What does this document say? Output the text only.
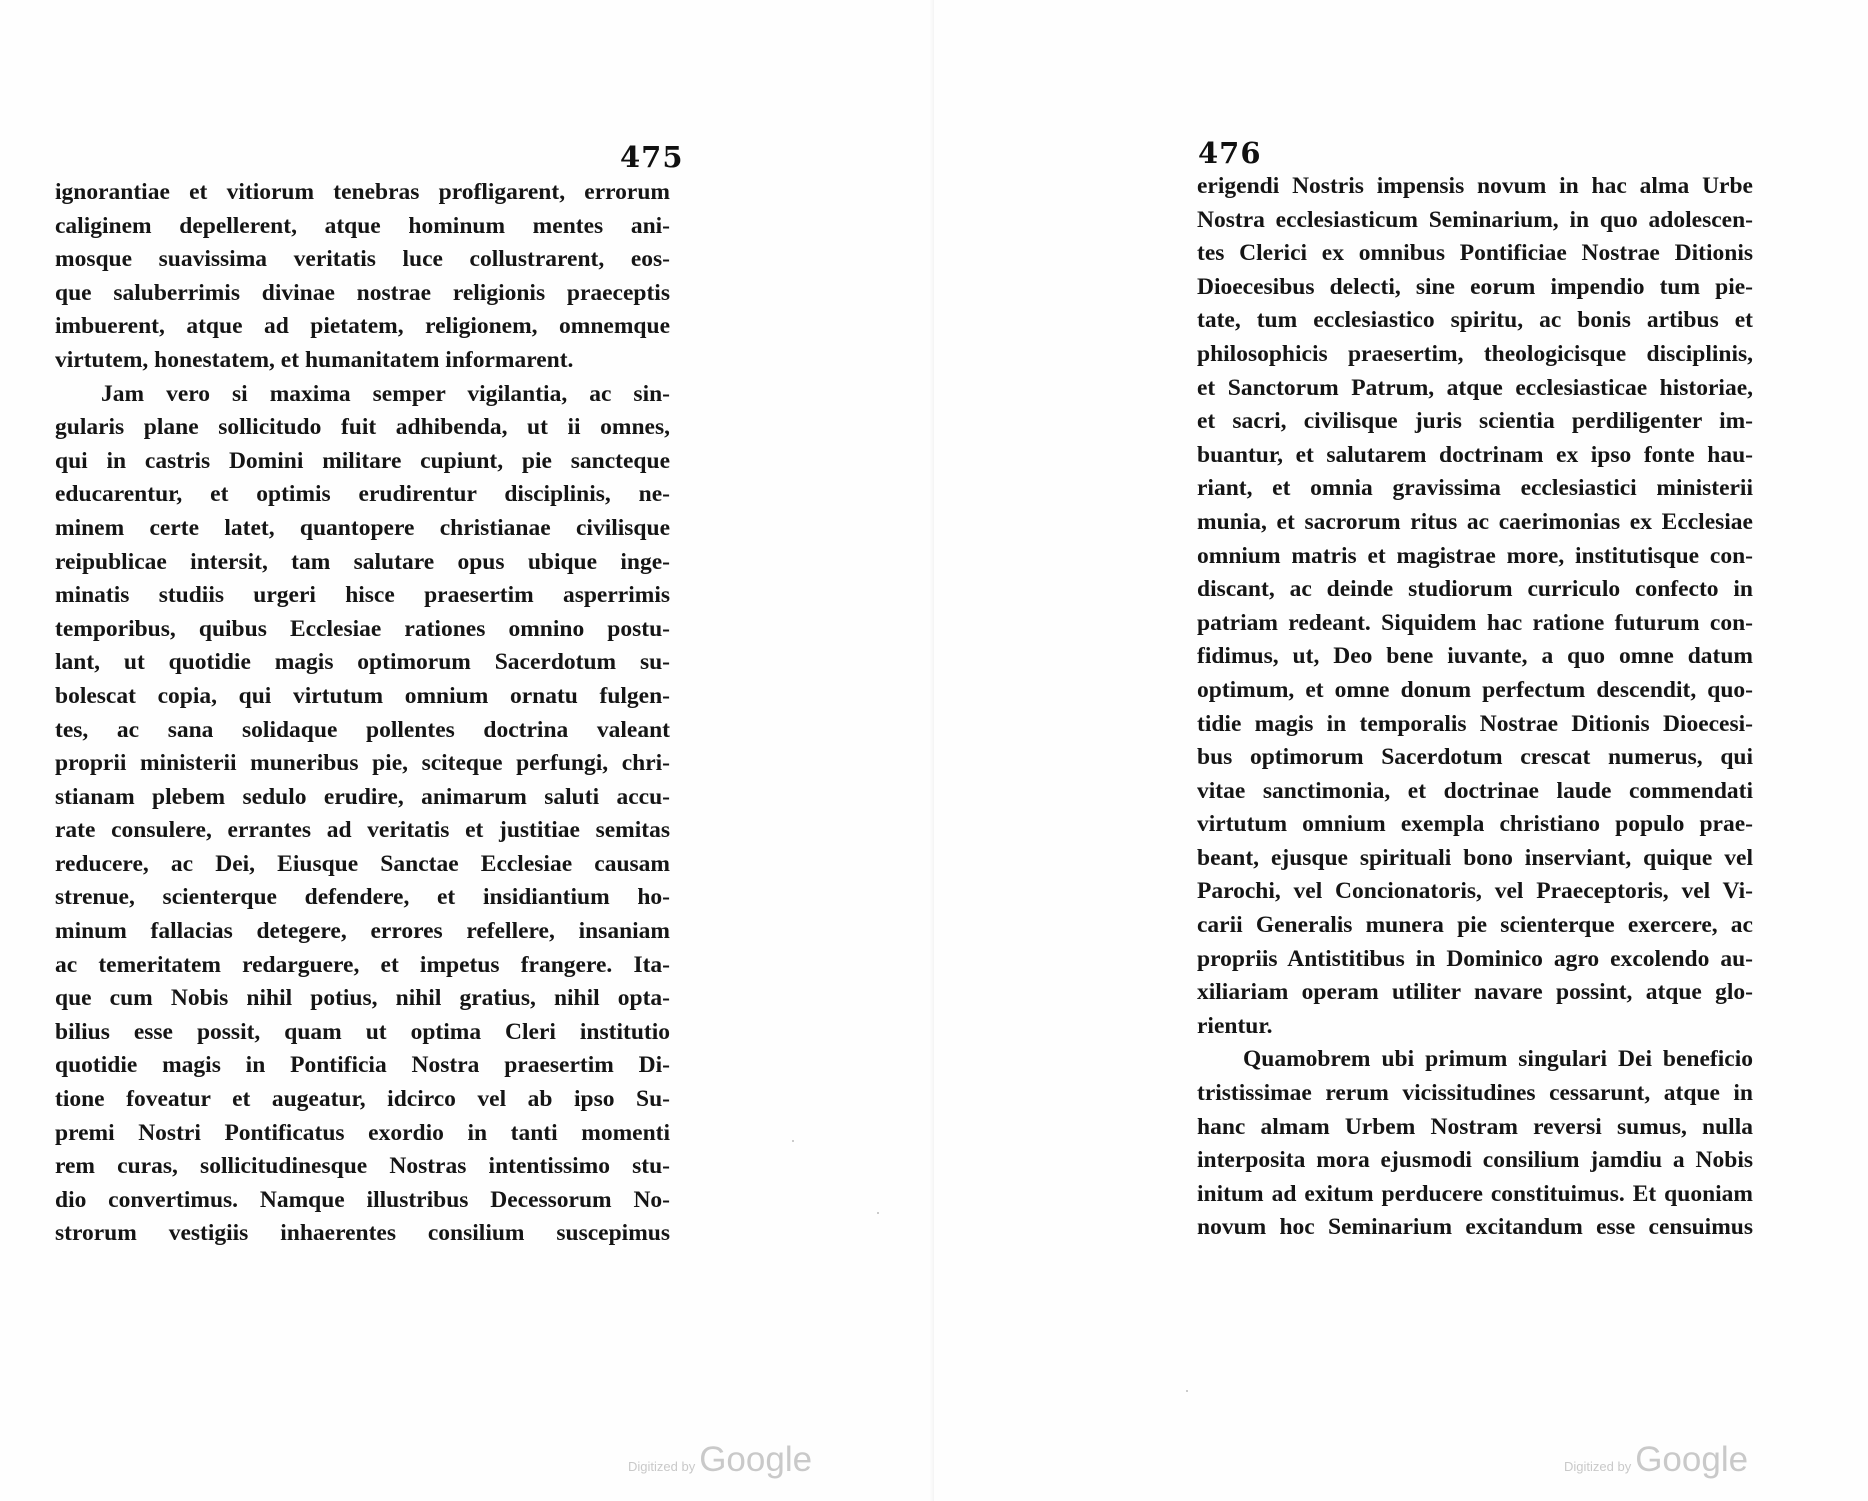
475
ignorantiae et vitiorum tenebras profligarent, errorum
caliginem depellerent, atque hominum mentes ani-
mosque suavissima veritatis luce collustrarent, eos-
que saluberrimis divinae nostrae religionis praeceptis
imbuerent, atque ad pietatem, religionem, omnemque
virtutem, honestatem, et humanitatem informarent.
Jam vero si maxima semper vigilantia, ac sin-
gularis plane sollicitudo fuit adhibenda, ut ii omnes,
qui in castris Domini militare cupiunt, pie sancteque
educarentur, et optimis erudirentur disciplinis, ne-
minem certe latet, quantopere christianae civilisque
reipublicae intersit, tam salutare opus ubique inge-
minatis studiis urgeri hisce praesertim asperrimis
temporibus, quibus Ecclesiae rationes omnino postu-
lant, ut quotidie magis optimorum Sacerdotum su-
bolescat copia, qui virtutum omnium ornatu fulgen-
tes, ac sana solidaque pollentes doctrina valeant
proprii ministerii muneribus pie, sciteque perfungi, chri-
stianam plebem sedulo erudire, animarum saluti accu-
rate consulere, errantes ad veritatis et justitiae semitas
reducere, ac Dei, Eiusque Sanctae Ecclesiae causam
strenue, scienterque defendere, et insidiantium ho-
minum fallacias detegere, errores refellere, insaniam
ac temeritatem redarguere, et impetus frangere. Ita-
que cum Nobis nihil potius, nihil gratius, nihil opta-
bilius esse possit, quam ut optima Cleri institutio
quotidie magis in Pontificia Nostra praesertim Di-
tione foveatur et augeatur, idcirco vel ab ipso Su-
premi Nostri Pontificatus exordio in tanti momenti
rem curas, sollicitudinesque Nostras intentissimo stu-
dio convertimus. Namque illustribus Decessorum No-
strorum vestigiis inhaerentes consilium suscepimus
Digitized by Google
476
erigendi Nostris impensis novum in hac alma Urbe
Nostra ecclesiasticum Seminarium, in quo adolescen-
tes Clerici ex omnibus Pontificiae Nostrae Ditionis
Dioecesibus delecti, sine eorum impendio tum pie-
tate, tum ecclesiastico spiritu, ac bonis artibus et
philosophicis praesertim, theologicisque disciplinis,
et Sanctorum Patrum, atque ecclesiasticae historiae,
et sacri, civilisque juris scientia perdiligenter im-
buantur, et salutarem doctrinam ex ipso fonte hau-
riant, et omnia gravissima ecclesiastici ministerii
munia, et sacrorum ritus ac caerimonias ex Ecclesiae
omnium matris et magistrae more, institutisque con-
discant, ac deinde studiorum curriculo confecto in
patriam redeant. Siquidem hac ratione futurum con-
fidimus, ut, Deo bene iuvante, a quo omne datum
optimum, et omne donum perfectum descendit, quo-
tidie magis in temporalis Nostrae Ditionis Dioecesi-
bus optimorum Sacerdotum crescat numerus, qui
vitae sanctimonia, et doctrinae laude commendati
virtutum omnium exempla christiano populo prae-
beant, ejusque spirituali bono inserviant, quique vel
Parochi, vel Concionatoris, vel Praeceptoris, vel Vi-
carii Generalis munera pie scienterque exercere, ac
propriis Antistitibus in Dominico agro excolendo au-
xiliariam operam utiliter navare possint, atque glo-
rientur.
Quamobrem ubi primum singulari Dei beneficio
tristissimae rerum vicissitudines cessarunt, atque in
hanc almam Urbem Nostram reversi sumus, nulla
interposita mora ejusmodi consilium jamdiu a Nobis
initum ad exitum perducere constituimus. Et quoniam
novum hoc Seminarium excitandum esse censuimus
Digitized by Google
